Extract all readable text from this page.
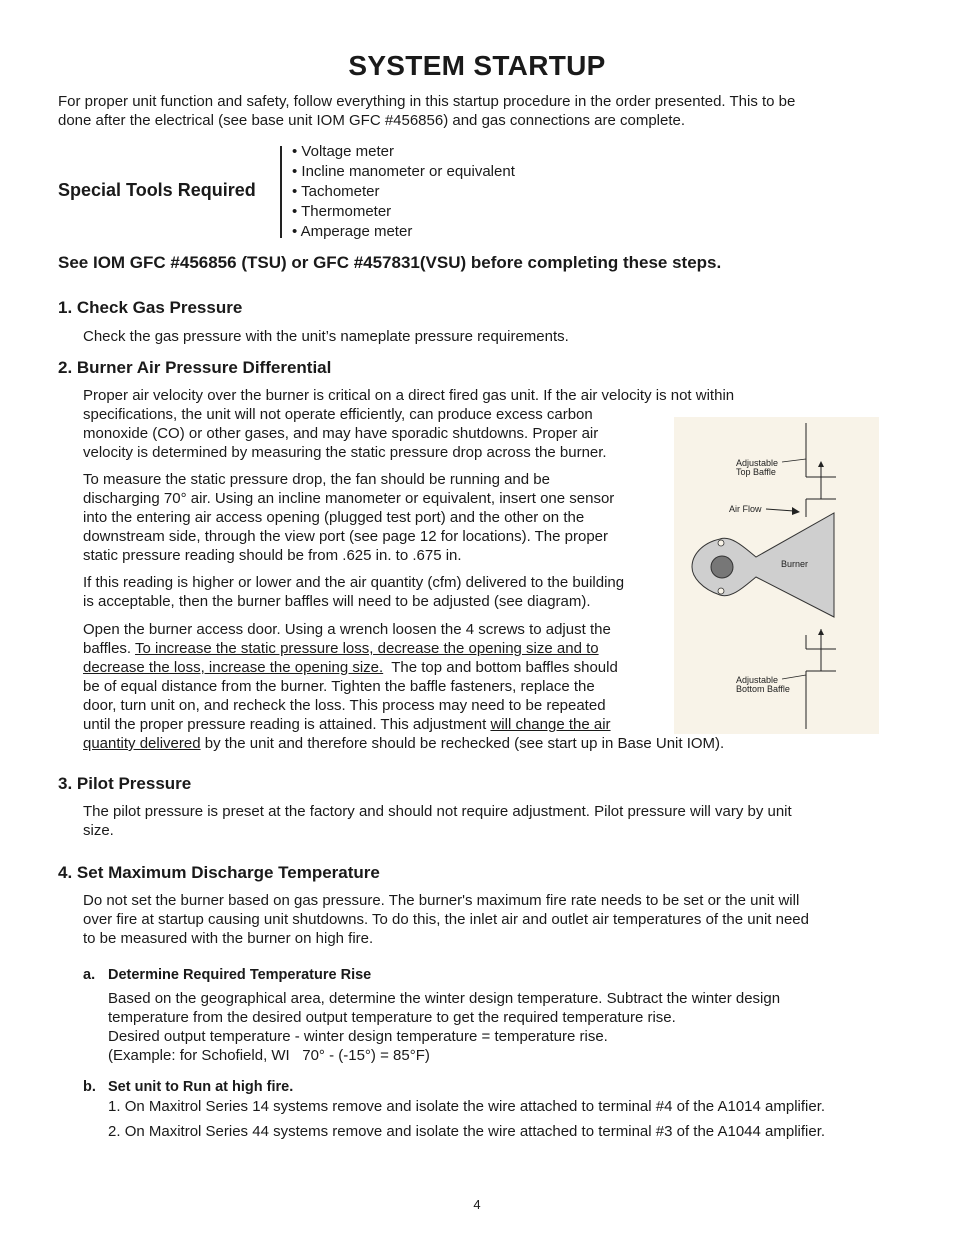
SYSTEM STARTUP
For proper unit function and safety, follow everything in this startup procedure in the order presented. This to be
done after the electrical (see base unit IOM GFC #456856) and gas connections are complete.
Special Tools Required
• Voltage meter
• Incline manometer or equivalent
• Tachometer
• Thermometer
• Amperage meter
See IOM GFC #456856 (TSU) or GFC #457831(VSU) before completing these steps.
1. Check Gas Pressure
Check the gas pressure with the unit’s nameplate pressure requirements.
2. Burner Air Pressure Differential
Proper air velocity over the burner is critical on a direct fired gas unit. If the air velocity is not within
specifications, the unit will not operate efficiently, can produce excess carbon
monoxide (CO) or other gases, and may have sporadic shutdowns. Proper air
velocity is determined by measuring the static pressure drop across the burner.
To measure the static pressure drop, the fan should be running and be
discharging 70° air. Using an incline manometer or equivalent, insert one sensor
into the entering air access opening (plugged test port) and the other on the
downstream side, through the view port (see page 12 for locations). The proper
static pressure reading should be from .625 in. to .675 in.
If this reading is higher or lower and the air quantity (cfm) delivered to the building
is acceptable, then the burner baffles will need to be adjusted (see diagram).
Open the burner access door. Using a wrench loosen the 4 screws to adjust the
baffles. To increase the static pressure loss, decrease the opening size and to
decrease the loss, increase the opening size.  The top and bottom baffles should
be of equal distance from the burner. Tighten the baffle fasteners, replace the
door, turn unit on, and recheck the loss. This process may need to be repeated
until the proper pressure reading is attained. This adjustment will change the air
quantity delivered by the unit and therefore should be rechecked (see start up in Base Unit IOM).
Adjustable
Top Baffle
Air Flow
Burner
Adjustable
Bottom Baffle
3. Pilot Pressure
The pilot pressure is preset at the factory and should not require adjustment. Pilot pressure will vary by unit
size.
4. Set Maximum Discharge Temperature
Do not set the burner based on gas pressure. The burner's maximum fire rate needs to be set or the unit will
over fire at startup causing unit shutdowns. To do this, the inlet air and outlet air temperatures of the unit need
to be measured with the burner on high fire.
a. Determine Required Temperature Rise
Based on the geographical area, determine the winter design temperature. Subtract the winter design
temperature from the desired output temperature to get the required temperature rise.
Desired output temperature - winter design temperature = temperature rise.
(Example: for Schofield, WI   70° - (-15°) = 85°F)
b. Set unit to Run at high fire.
1. On Maxitrol Series 14 systems remove and isolate the wire attached to terminal #4 of the A1014 amplifier.
2. On Maxitrol Series 44 systems remove and isolate the wire attached to terminal #3 of the A1044 amplifier.
4
